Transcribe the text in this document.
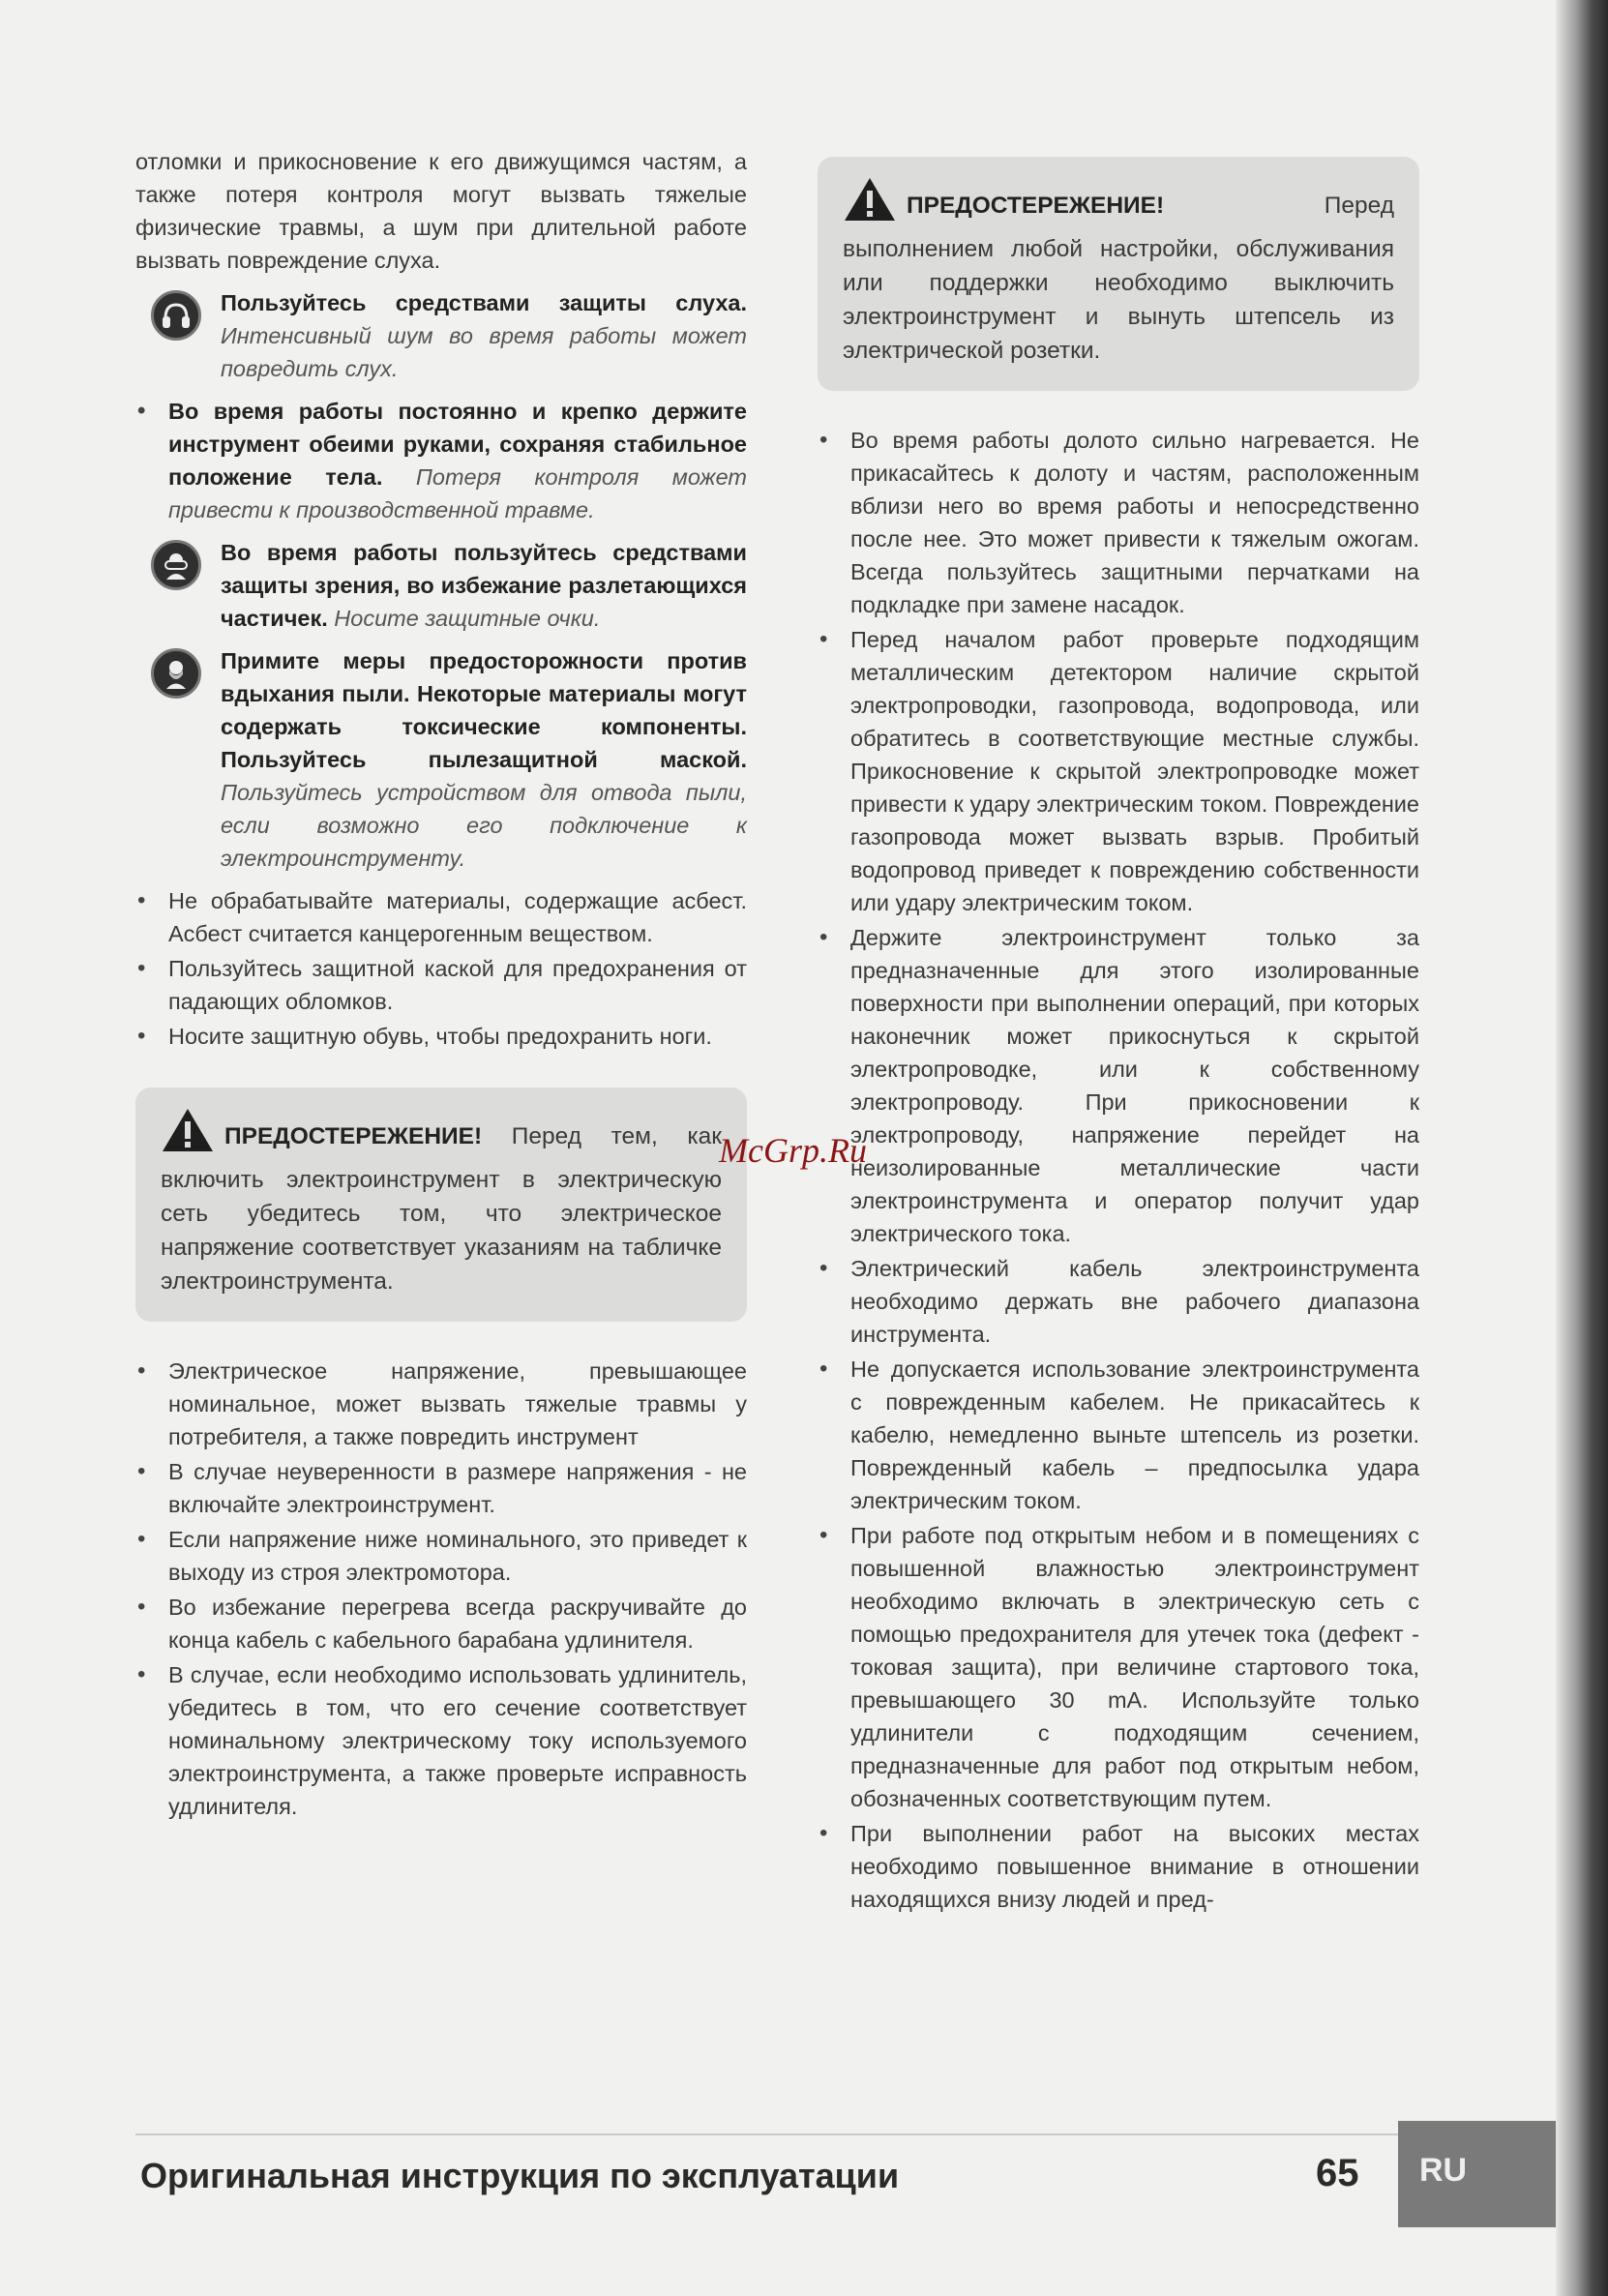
отломки и прикосновение к его движущимся частям, а также потеря контроля могут вызвать тяжелые физические травмы, а шум при длительной работе вызвать повреждение слуха.

Пользуйтесь средствами защиты слуха. Интенсивный шум во время работы может повредить слух.

• Во время работы постоянно и крепко держите инструмент обеими руками, сохраняя стабильное положение тела. Потеря контроля может привести к производственной травме.

Во время работы пользуйтесь средствами защиты зрения, во избежание разлетающихся частичек. Носите защитные очки.

Примите меры предосторожности против вдыхания пыли. Некоторые материалы могут содержать токсические компоненты. Пользуйтесь пылезащитной маской. Пользуйтесь устройством для отвода пыли, если возможно его подключение к электроинструменту.

• Не обрабатывайте материалы, содержащие асбест. Асбест считается канцерогенным веществом.
• Пользуйтесь защитной каской для предохранения от падающих обломков.
• Носите защитную обувь, чтобы предохранить ноги.
ПРЕДОСТЕРЕЖЕНИЕ! Перед тем, как включить электроинструмент в электрическую сеть убедитесь том, что электрическое напряжение соответствует указаниям на табличке электроинструмента.
• Электрическое напряжение, превышающее номинальное, может вызвать тяжелые травмы у потребителя, а также повредить инструмент
• В случае неуверенности в размере напряжения - не включайте электроинструмент.
• Если напряжение ниже номинального, это приведет к выходу из строя электромотора.
• Во избежание перегрева всегда раскручивайте до конца кабель с кабельного барабана удлинителя.
• В случае, если необходимо использовать удлинитель, убедитесь в том, что его сечение соответствует номинальному электрическому току используемого электроинструмента, а также проверьте исправность удлинителя.
ПРЕДОСТЕРЕЖЕНИЕ! Перед выполнением любой настройки, обслуживания или поддержки необходимо выключить электроинструмент и вынуть штепсель из электрической розетки.
• Во время работы долото сильно нагревается. Не прикасайтесь к долоту и частям, расположенным вблизи него во время работы и непосредственно после нее. Это может привести к тяжелым ожогам. Всегда пользуйтесь защитными перчатками на подкладке при замене насадок.
• Перед началом работ проверьте подходящим металлическим детектором наличие скрытой электропроводки, газопровода, водопровода, или обратитесь в соответствующие местные службы. Прикосновение к скрытой электропроводке может привести к удару электрическим током. Повреждение газопровода может вызвать взрыв. Пробитый водопровод приведет к повреждению собственности или удару электрическим током.
• Держите электроинструмент только за предназначенные для этого изолированные поверхности при выполнении операций, при которых наконечник может прикоснуться к скрытой электропроводке, или к собственному электропроводу. При прикосновении к электропроводу, напряжение перейдет на неизолированные металлические части электроинструмента и оператор получит удар электрического тока.
• Электрический кабель электроинструмента необходимо держать вне рабочего диапазона инструмента.
• Не допускается использование электроинструмента с поврежденным кабелем. Не прикасайтесь к кабелю, немедленно выньте штепсель из розетки. Поврежденный кабель – предпосылка удара электрическим током.
• При работе под открытым небом и в помещениях с повышенной влажностью электроинструмент необходимо включать в электрическую сеть с помощью предохранителя для утечек тока (дефект - токовая защита), при величине стартового тока, превышающего 30 mA. Используйте только удлинители с подходящим сечением, предназначенные для работ под открытым небом, обозначенных соответствующим путем.
• При выполнении работ на высоких местах необходимо повышенное внимание в отношении находящихся внизу людей и пред-
McGrp.Ru
Оригинальная инструкция по эксплуатации	65 RU
